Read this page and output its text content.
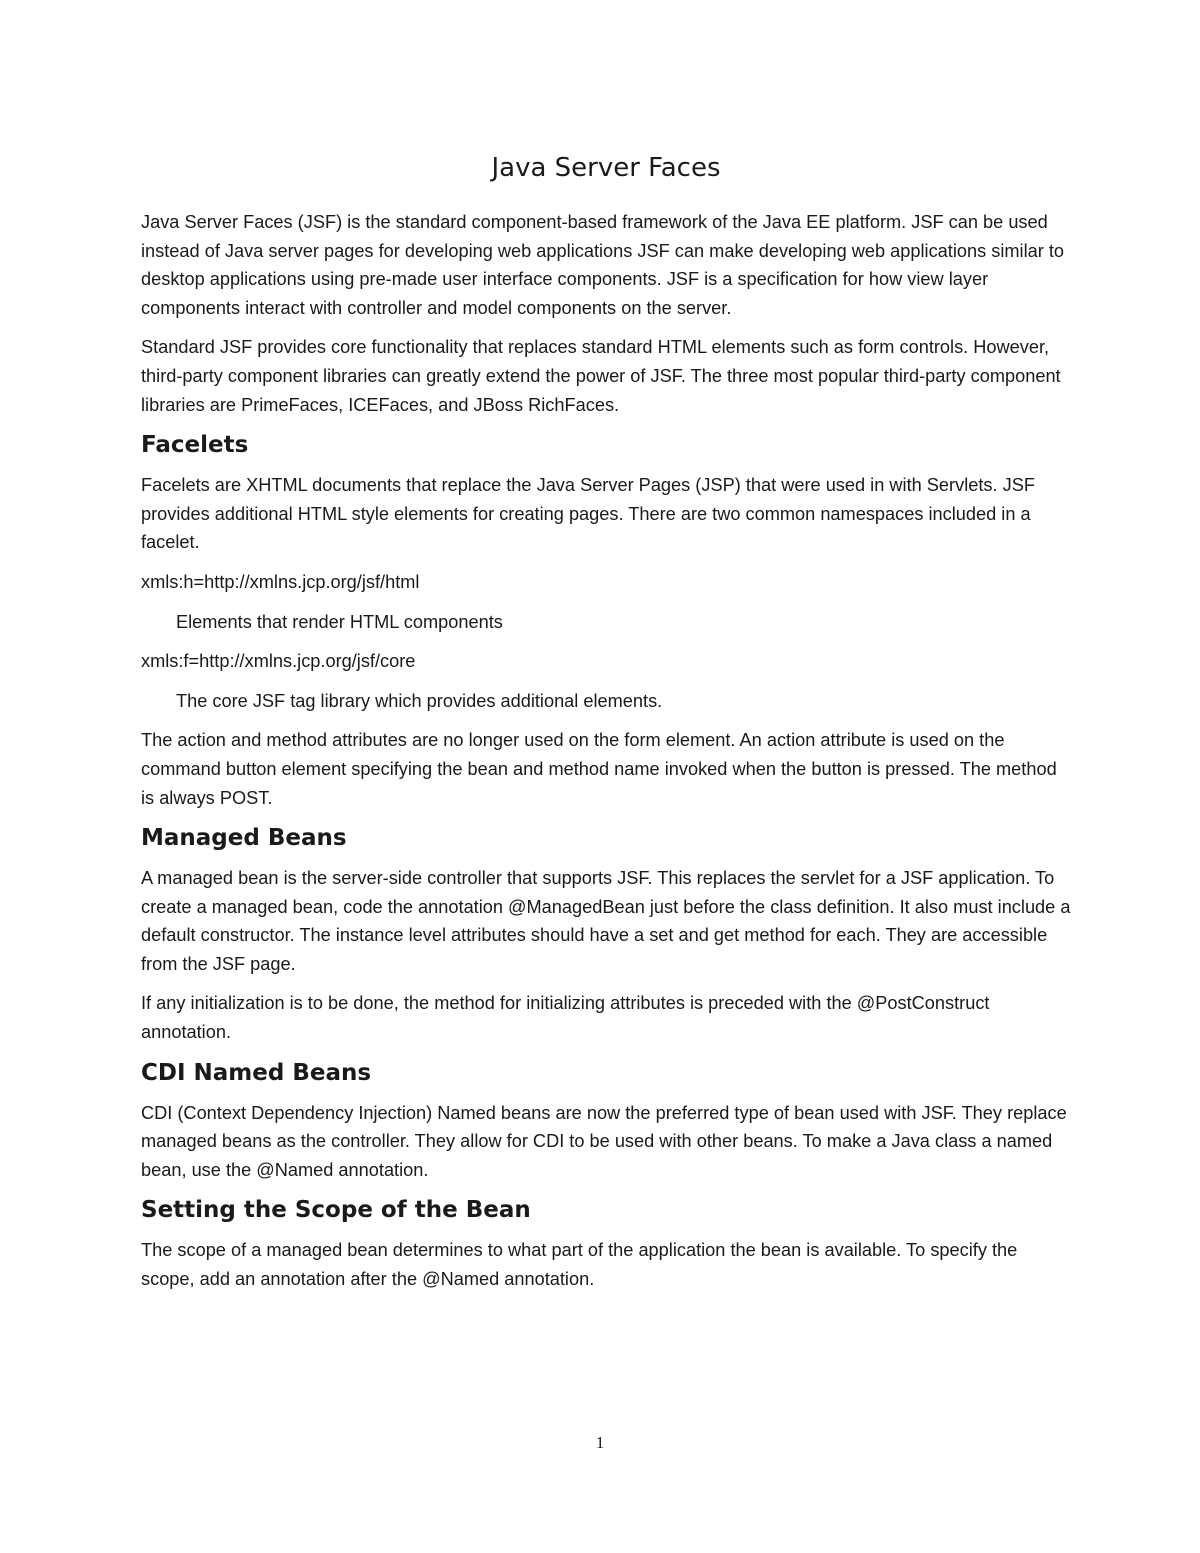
Java Server Faces

Java Server Faces (JSF) is the standard component-based framework of the Java EE platform. JSF can be used instead of Java server pages for developing web applications JSF can make developing web applications similar to desktop applications using pre-made user interface components. JSF is a specification for how view layer components interact with controller and model components on the server.

Standard JSF provides core functionality that replaces standard HTML elements such as form controls. However, third-party component libraries can greatly extend the power of JSF. The three most popular third-party component libraries are PrimeFaces, ICEFaces, and JBoss RichFaces.

Facelets

Facelets are XHTML documents that replace the Java Server Pages (JSP) that were used in with Servlets. JSF provides additional HTML style elements for creating pages. There are two common namespaces included in a facelet.

xmls:h=http://xmlns.jcp.org/jsf/html

Elements that render HTML components

xmls:f=http://xmlns.jcp.org/jsf/core

The core JSF tag library which provides additional elements.

The action and method attributes are no longer used on the form element. An action attribute is used on the command button element specifying the bean and method name invoked when the button is pressed. The method is always POST.

Managed Beans

A managed bean is the server-side controller that supports JSF. This replaces the servlet for a JSF application. To create a managed bean, code the annotation @ManagedBean just before the class definition. It also must include a default constructor. The instance level attributes should have a set and get method for each. They are accessible from the JSF page.

If any initialization is to be done, the method for initializing attributes is preceded with the @PostConstruct annotation.

CDI Named Beans

CDI (Context Dependency Injection) Named beans are now the preferred type of bean used with JSF. They replace managed beans as the controller. They allow for CDI to be used with other beans. To make a Java class a named bean, use the @Named annotation.

Setting the Scope of the Bean

The scope of a managed bean determines to what part of the application the bean is available. To specify the scope, add an annotation after the @Named annotation.

1
